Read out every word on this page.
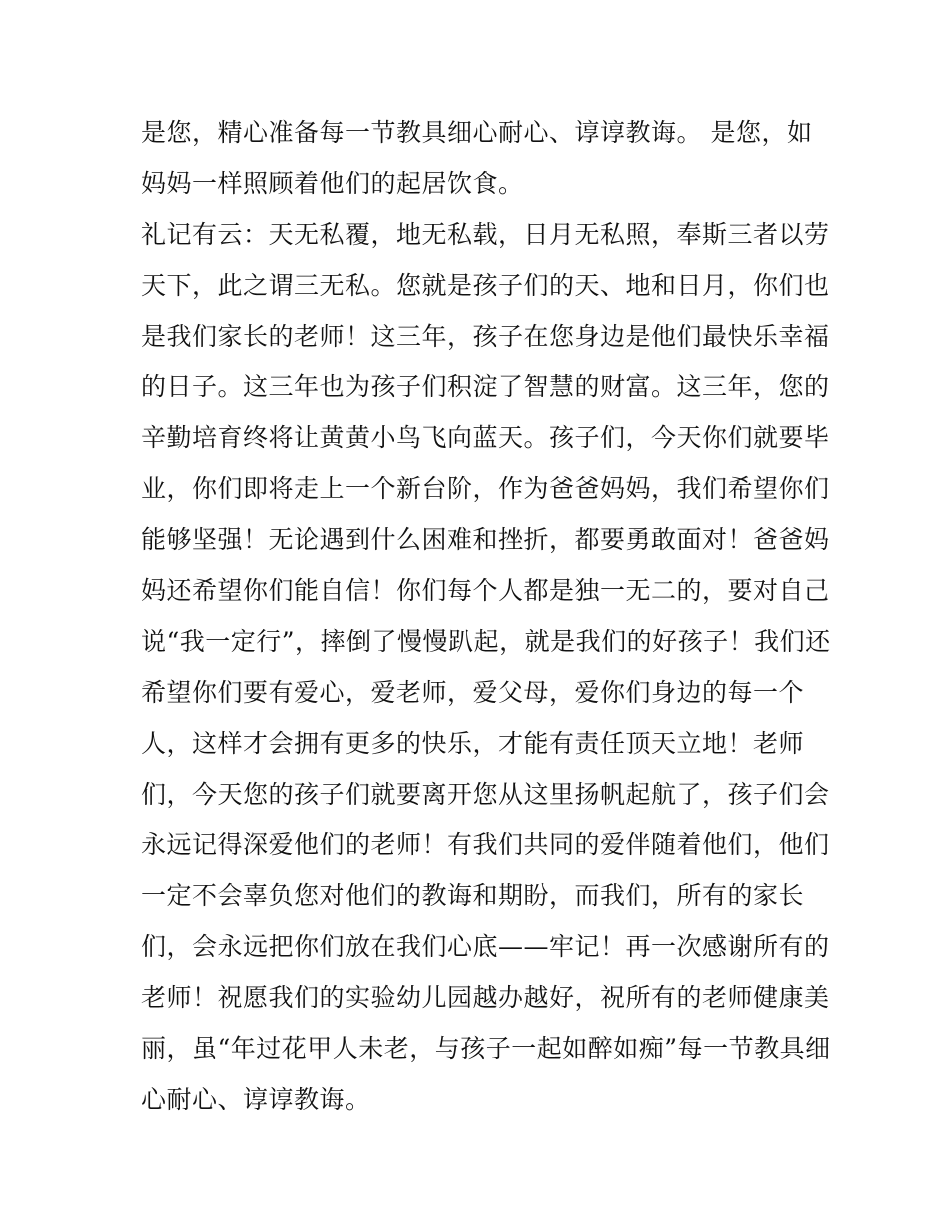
是您，精心准备每一节教具细心耐心、谆谆教诲。 是您，如
妈妈一样照顾着他们的起居饮食。
礼记有云：天无私覆，地无私载，日月无私照，奉斯三者以劳
天下，此之谓三无私。您就是孩子们的天、地和日月，你们也
是我们家长的老师！这三年，孩子在您身边是他们最快乐幸福
的日子。这三年也为孩子们积淀了智慧的财富。这三年，您的
辛勤培育终将让黄黄小鸟飞向蓝天。孩子们，今天你们就要毕
业，你们即将走上一个新台阶，作为爸爸妈妈，我们希望你们
能够坚强！无论遇到什么困难和挫折，都要勇敢面对！爸爸妈
妈还希望你们能自信！你们每个人都是独一无二的，要对自己
说“我一定行”，摔倒了慢慢趴起，就是我们的好孩子！我们还
希望你们要有爱心，爱老师，爱父母，爱你们身边的每一个
人，这样才会拥有更多的快乐，才能有责任顶天立地！老师
们，今天您的孩子们就要离开您从这里扬帆起航了，孩子们会
永远记得深爱他们的老师！有我们共同的爱伴随着他们，他们
一定不会辜负您对他们的教诲和期盼，而我们，所有的家长
们，会永远把你们放在我们心底——牢记！再一次感谢所有的
老师！祝愿我们的实验幼儿园越办越好，祝所有的老师健康美
丽，虽“年过花甲人未老，与孩子一起如醉如痴”每一节教具细
心耐心、谆谆教诲。
